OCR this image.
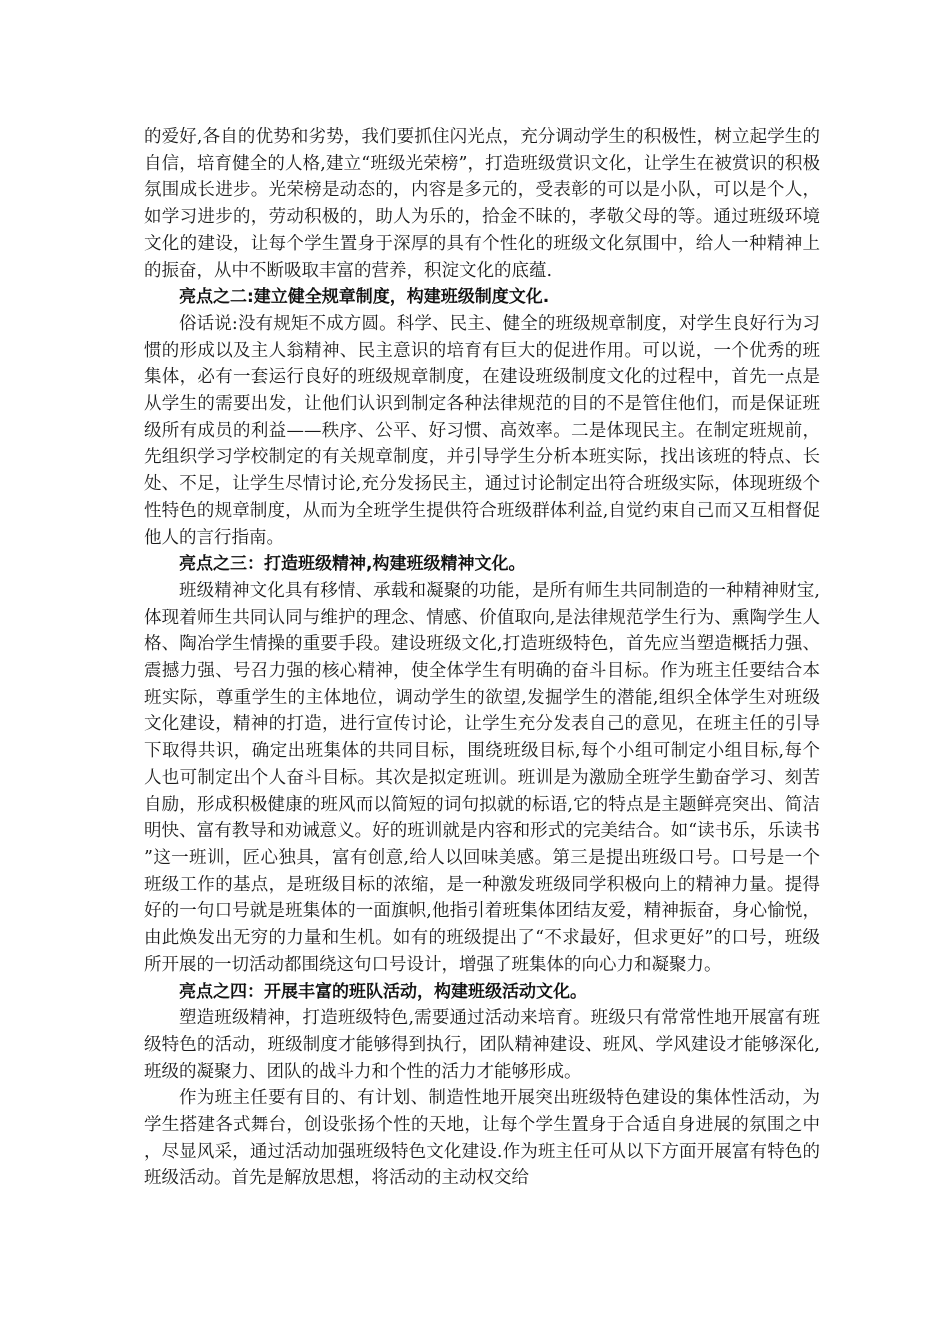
的爱好,各自的优势和劣势，我们要抓住闪光点，充分调动学生的积极性，树立起学生的自信，培育健全的人格,建立“班级光荣榜”，打造班级赏识文化，让学生在被赏识的积极氛围成长进步。光荣榜是动态的，内容是多元的，受表彰的可以是小队，可以是个人，如学习进步的，劳动积极的，助人为乐的，拾金不昧的，孝敬父母的等。通过班级环境文化的建设，让每个学生置身于深厚的具有个性化的班级文化氛围中，给人一种精神上的振奋，从中不断吸取丰富的营养，积淀文化的底蕴.

亮点之二:建立健全规章制度，构建班级制度文化.

俗话说:没有规矩不成方圆。科学、民主、健全的班级规章制度，对学生良好行为习惯的形成以及主人翁精神、民主意识的培育有巨大的促进作用。可以说，一个优秀的班集体，必有一套运行良好的班级规章制度，在建设班级制度文化的过程中，首先一点是从学生的需要出发，让他们认识到制定各种法律规范的目的不是管住他们，而是保证班级所有成员的利益——秩序、公平、好习惯、高效率。二是体现民主。在制定班规前，先组织学习学校制定的有关规章制度，并引导学生分析本班实际，找出该班的特点、长处、不足，让学生尽情讨论,充分发扬民主，通过讨论制定出符合班级实际，体现班级个性特色的规章制度，从而为全班学生提供符合班级群体利益,自觉约束自己而又互相督促他人的言行指南。

亮点之三：打造班级精神,构建班级精神文化。

班级精神文化具有移情、承载和凝聚的功能，是所有师生共同制造的一种精神财宝,体现着师生共同认同与维护的理念、情感、价值取向,是法律规范学生行为、熏陶学生人格、陶冶学生情操的重要手段。建设班级文化,打造班级特色，首先应当塑造概括力强、震撼力强、号召力强的核心精神，使全体学生有明确的奋斗目标。作为班主任要结合本班实际，尊重学生的主体地位，调动学生的欲望,发掘学生的潜能,组织全体学生对班级文化建设，精神的打造，进行宣传讨论，让学生充分发表自己的意见，在班主任的引导下取得共识，确定出班集体的共同目标，围绕班级目标,每个小组可制定小组目标,每个人也可制定出个人奋斗目标。其次是拟定班训。班训是为激励全班学生勤奋学习、刻苦自励，形成积极健康的班风而以简短的词句拟就的标语,它的特点是主题鲜亮突出、简洁明快、富有教导和劝诫意义。好的班训就是内容和形式的完美结合。如“读书乐，乐读书”这一班训，匠心独具，富有创意,给人以回味美感。第三是提出班级口号。口号是一个班级工作的基点，是班级目标的浓缩，是一种激发班级同学积极向上的精神力量。提得好的一句口号就是班集体的一面旗帜,他指引着班集体团结友爱，精神振奋，身心愉悦，由此焕发出无穷的力量和生机。如有的班级提出了“不求最好，但求更好”的口号，班级所开展的一切活动都围绕这句口号设计，增强了班集体的向心力和凝聚力。

亮点之四：开展丰富的班队活动，构建班级活动文化。

塑造班级精神，打造班级特色,需要通过活动来培育。班级只有常常性地开展富有班级特色的活动，班级制度才能够得到执行，团队精神建设、班风、学风建设才能够深化,班级的凝聚力、团队的战斗力和个性的活力才能够形成。

作为班主任要有目的、有计划、制造性地开展突出班级特色建设的集体性活动，为学生搭建各式舞台，创设张扬个性的天地，让每个学生置身于合适自身进展的氛围之中，尽显风采，通过活动加强班级特色文化建设.作为班主任可从以下方面开展富有特色的班级活动。首先是解放思想，将活动的主动权交给
